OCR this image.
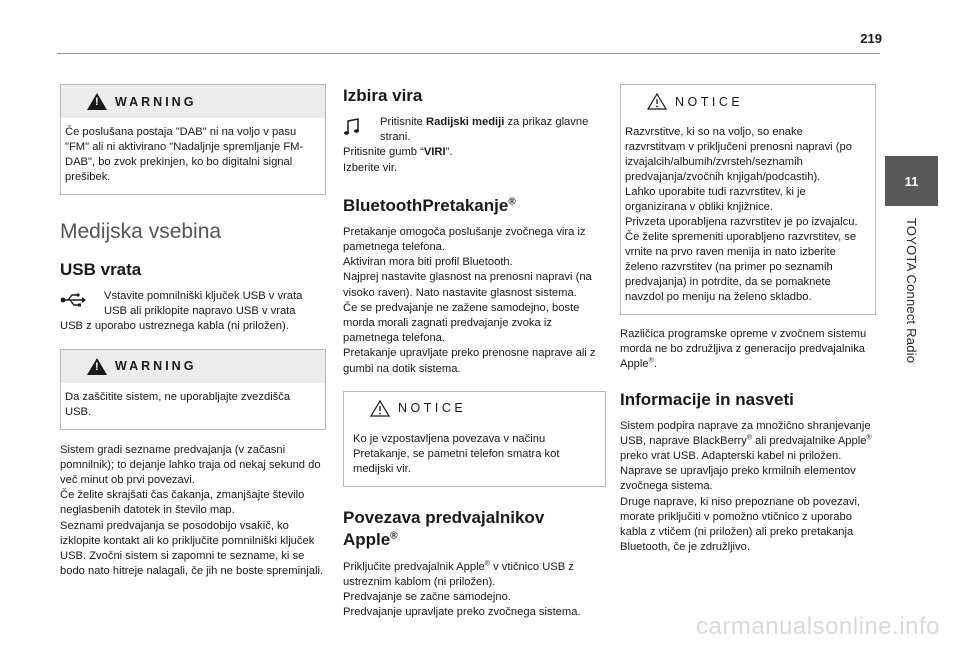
219
11
TOYOTA Connect Radio
!
WARNING
Če poslušana postaja "DAB" ni na voljo v pasu "FM" ali ni aktivirano "Nadaljnje spremljanje FM-DAB", bo zvok prekinjen, ko bo digitalni signal prešibek.
Medijska vsebina
USB vrata
Vstavite pomnilniški ključek USB v vrata USB ali priklopite napravo USB v vrata
USB z uporabo ustreznega kabla (ni priložen).
!
WARNING
Da zaščitite sistem, ne uporabljajte zvezdišča USB.
Sistem gradi sezname predvajanja (v začasni pomnilnik); to dejanje lahko traja od nekaj sekund do več minut ob prvi povezavi.
Če želite skrajšati čas čakanja, zmanjšajte število neglasbenih datotek in število map.
Seznami predvajanja se posodobijo vsakič, ko izklopite kontakt ali ko priključite pomnilniški ključek USB. Zvočni sistem si zapomni te sezname, ki se bodo nato hitreje nalagali, če jih ne boste spreminjali.
Izbira vira
Pritisnite Radijski mediji za prikaz glavne strani.
Pritisnite gumb “VIRI”.
Izberite vir.
BluetoothPretakanje®
Pretakanje omogoča poslušanje zvočnega vira iz pametnega telefona.
Aktiviran mora biti profil Bluetooth.
Najprej nastavite glasnost na prenosni napravi (na visoko raven). Nato nastavite glasnost sistema.
Če se predvajanje ne zažene samodejno, boste morda morali zagnati predvajanje zvoka iz pametnega telefona.
Pretakanje upravljate preko prenosne naprave ali z gumbi na dotik sistema.
NOTICE
Ko je vzpostavljena povezava v načinu Pretakanje, se pametni telefon smatra kot medijski vir.
Povezava predvajalnikov
Apple®
Priključite predvajalnik Apple® v vtičnico USB z ustreznim kablom (ni priložen).
Predvajanje se začne samodejno.
Predvajanje upravljate preko zvočnega sistema.
NOTICE
Razvrstitve, ki so na voljo, so enake razvrstitvam v priključeni prenosni napravi (po izvajalcih/albumih/zvrsteh/seznamih predvajanja/zvočnih knjigah/podcastih).
Lahko uporabite tudi razvrstitev, ki je organizirana v obliki knjižnice.
Privzeta uporabljena razvrstitev je po izvajalcu. Če želite spremeniti uporabljeno razvrstitev, se vrnite na prvo raven menija in nato izberite želeno razvrstitev (na primer po seznamih predvajanja) in potrdite, da se pomaknete navzdol po meniju na želeno skladbo.
Različica programske opreme v zvočnem sistemu morda ne bo združljiva z generacijo predvajalnika Apple®.
Informacije in nasveti
Sistem podpira naprave za množično shranjevanje USB, naprave BlackBerry® ali predvajalnike Apple® preko vrat USB. Adapterski kabel ni priložen.
Naprave se upravljajo preko krmilnih elementov zvočnega sistema.
Druge naprave, ki niso prepoznane ob povezavi, morate priključiti v pomožno vtičnico z uporabo kabla z vtičem (ni priložen) ali preko pretakanja Bluetooth, če je združljivo.
carmanualsonline.info
